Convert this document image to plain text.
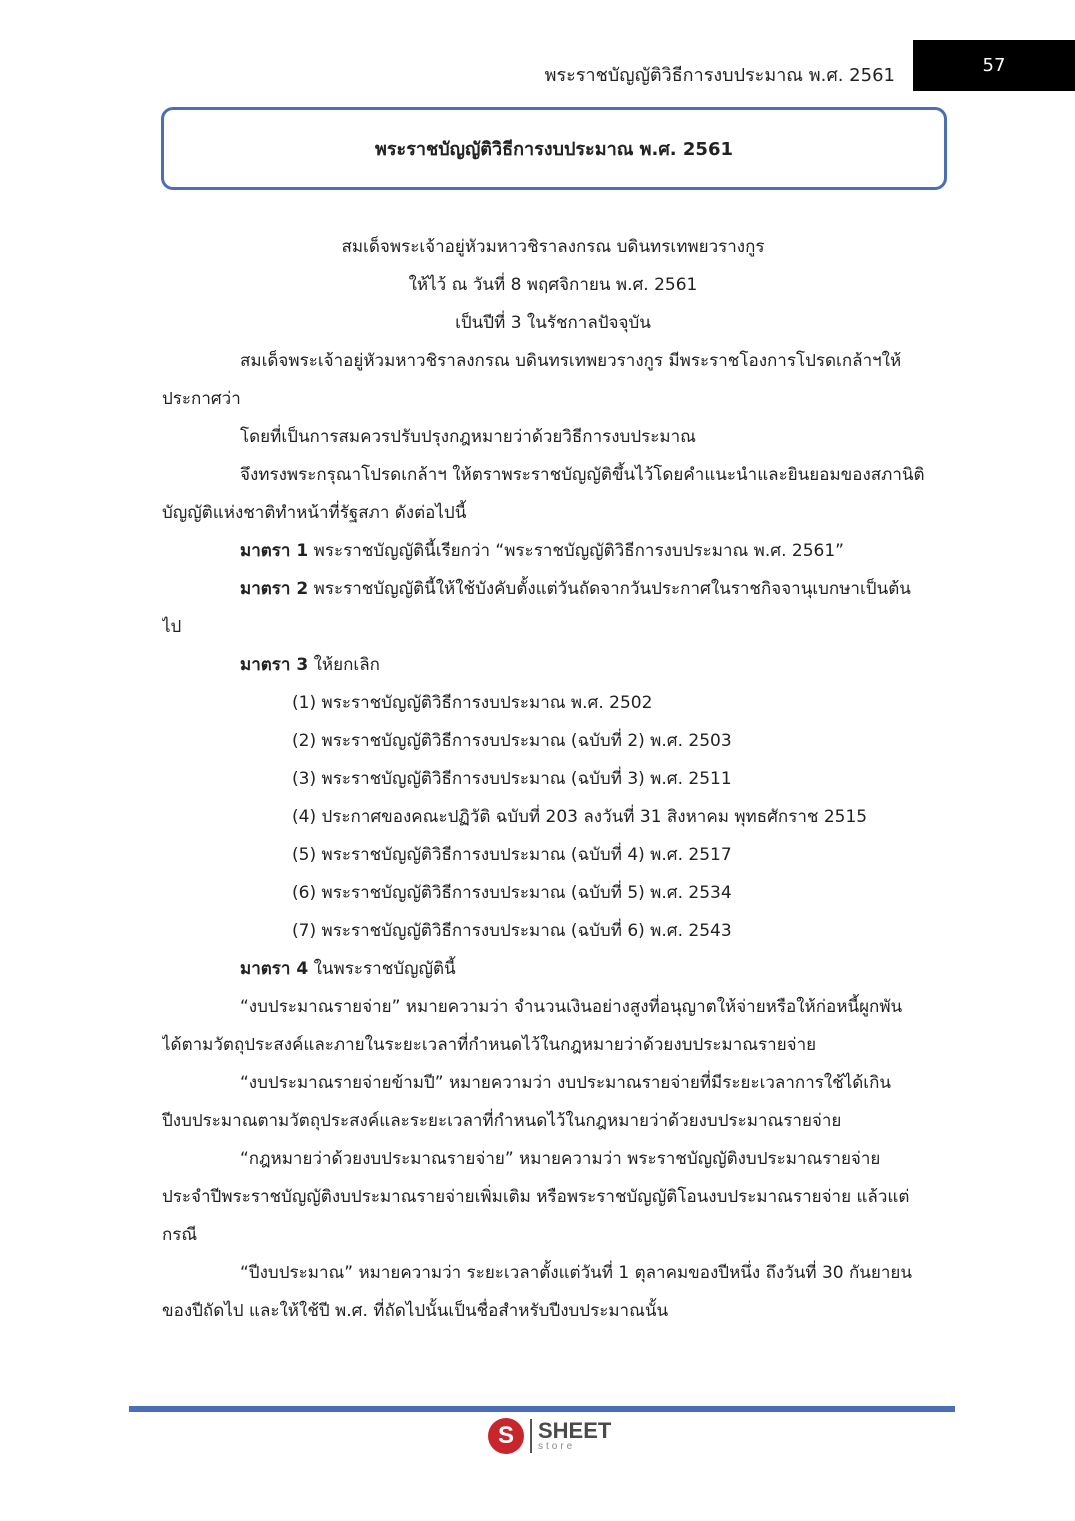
พระราชบัญญัติวิธีการงบประมาณ พ.ศ. 2561	57
พระราชบัญญัติวิธีการงบประมาณ พ.ศ. 2561
สมเด็จพระเจ้าอยู่หัวมหาวชิราลงกรณ บดินทรเทพยวรางกูร
ให้ไว้ ณ วันที่ 8 พฤศจิกายน พ.ศ. 2561
เป็นปีที่ 3 ในรัชกาลปัจจุบัน
สมเด็จพระเจ้าอยู่หัวมหาวชิราลงกรณ บดินทรเทพยวรางกูร มีพระราชโองการโปรดเกล้าฯให้
ประกาศว่า
โดยที่เป็นการสมควรปรับปรุงกฎหมายว่าด้วยวิธีการงบประมาณ
จึงทรงพระกรุณาโปรดเกล้าฯ ให้ตราพระราชบัญญัติขึ้นไว้โดยคำแนะนำและยินยอมของสภานิติ
บัญญัติแห่งชาติทำหน้าที่รัฐสภา ดังต่อไปนี้
มาตรา 1 พระราชบัญญัตินี้เรียกว่า “พระราชบัญญัติวิธีการงบประมาณ พ.ศ. 2561”
มาตรา 2 พระราชบัญญัตินี้ให้ใช้บังคับตั้งแต่วันถัดจากวันประกาศในราชกิจจานุเบกษาเป็นต้น
ไป
มาตรา 3 ให้ยกเลิก
(1) พระราชบัญญัติวิธีการงบประมาณ พ.ศ. 2502
(2) พระราชบัญญัติวิธีการงบประมาณ (ฉบับที่ 2) พ.ศ. 2503
(3) พระราชบัญญัติวิธีการงบประมาณ (ฉบับที่ 3) พ.ศ. 2511
(4) ประกาศของคณะปฏิวัติ ฉบับที่ 203 ลงวันที่ 31 สิงหาคม พุทธศักราช 2515
(5) พระราชบัญญัติวิธีการงบประมาณ (ฉบับที่ 4) พ.ศ. 2517
(6) พระราชบัญญัติวิธีการงบประมาณ (ฉบับที่ 5) พ.ศ. 2534
(7) พระราชบัญญัติวิธีการงบประมาณ (ฉบับที่ 6) พ.ศ. 2543
มาตรา 4 ในพระราชบัญญัตินี้
“งบประมาณรายจ่าย” หมายความว่า จำนวนเงินอย่างสูงที่อนุญาตให้จ่ายหรือให้ก่อหนี้ผูกพัน
ได้ตามวัตถุประสงค์และภายในระยะเวลาที่กำหนดไว้ในกฎหมายว่าด้วยงบประมาณรายจ่าย
“งบประมาณรายจ่ายข้ามปี” หมายความว่า งบประมาณรายจ่ายที่มีระยะเวลาการใช้ได้เกิน
ปีงบประมาณตามวัตถุประสงค์และระยะเวลาที่กำหนดไว้ในกฎหมายว่าด้วยงบประมาณรายจ่าย
“กฎหมายว่าด้วยงบประมาณรายจ่าย” หมายความว่า พระราชบัญญัติงบประมาณรายจ่าย
ประจำปีพระราชบัญญัติงบประมาณรายจ่ายเพิ่มเติม หรือพระราชบัญญัติโอนงบประมาณรายจ่าย แล้วแต่
กรณี
“ปีงบประมาณ” หมายความว่า ระยะเวลาตั้งแต่วันที่ 1 ตุลาคมของปีหนึ่ง ถึงวันที่ 30 กันยายน
ของปีถัดไป และให้ใช้ปี พ.ศ. ที่ถัดไปนั้นเป็นชื่อสำหรับปีงบประมาณนั้น
S	SHEET
store
